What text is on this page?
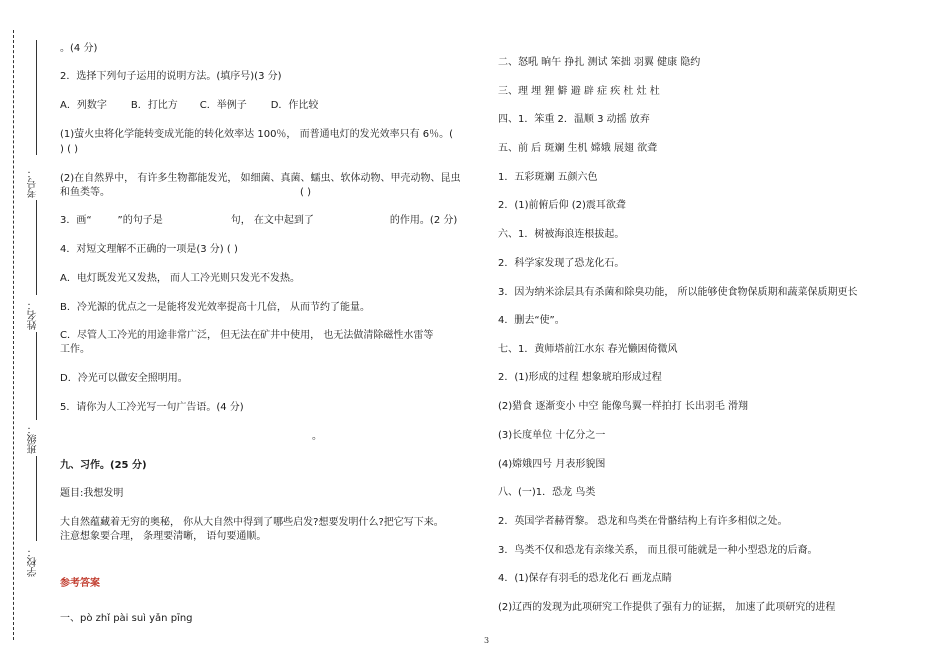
考号：
姓名：
班级：
学校：
。(4 分)
2．选择下列句子运用的说明方法。(填序号)(3 分)
A．列数字 B．打比方 C．举例子 D．作比较
(1)萤火虫将化学能转变成光能的转化效率达 100％， 而普通电灯的发光效率只有 6％。(
) ( )
(2)在自然界中， 有许多生物都能发光， 如细菌、真菌、蠕虫、软体动物、甲壳动物、昆虫
和鱼类等。	( )
3．画“	”的句子是	句， 在文中起到了	的作用。(2 分)
4．对短文理解不正确的一项是(3 分) ( )
A．电灯既发光又发热， 而人工冷光则只发光不发热。
B．冷光源的优点之一是能将发光效率提高十几倍， 从而节约了能量。
C．尽管人工冷光的用途非常广泛， 但无法在矿井中使用， 也无法做清除磁性水雷等
工作。
D．冷光可以做安全照明用。
5．请你为人工冷光写一句广告语。(4 分)
。
九、习作。(25 分)
题目:我想发明
大自然蕴藏着无穷的奥秘， 你从大自然中得到了哪些启发?想要发明什么?把它写下来。
注意想象要合理， 条理要清晰， 语句要通顺。
参考答案
一、pò zhǐ pài suì yǎn pīng
二、怒吼 晌午 挣扎 测试 笨拙 羽翼 健康 隐约
三、理 埋 狸 僻 避 辟 症 疾 杜 灶 杜
四、1．笨重 2．温顺 3 动摇 放弃
五、前 后 斑斓 生机 嫦娥 展翅 欲聋
1．五彩斑斓 五颜六色
2．(1)前俯后仰 (2)震耳欲聋
六、1．树被海浪连根拔起。
2．科学家发现了恐龙化石。
3．因为纳米涂层具有杀菌和除臭功能， 所以能够使食物保质期和蔬菜保质期更长
4．删去“使”。
七、1．黄师塔前江水东 春光懒困倚微风
2．(1)形成的过程 想象琥珀形成过程
(2)猎食 逐渐变小 中空 能像鸟翼一样拍打 长出羽毛 滑翔
(3)长度单位 十亿分之一
(4)嫦娥四号 月表形貌图
八、(一)1．恐龙 鸟类
2．英国学者赫胥黎。 恐龙和鸟类在骨骼结构上有许多相似之处。
3．鸟类不仅和恐龙有亲缘关系， 而且很可能就是一种小型恐龙的后裔。
4．(1)保存有羽毛的恐龙化石 画龙点睛
(2)辽西的发现为此项研究工作提供了强有力的证据， 加速了此项研究的进程
3
